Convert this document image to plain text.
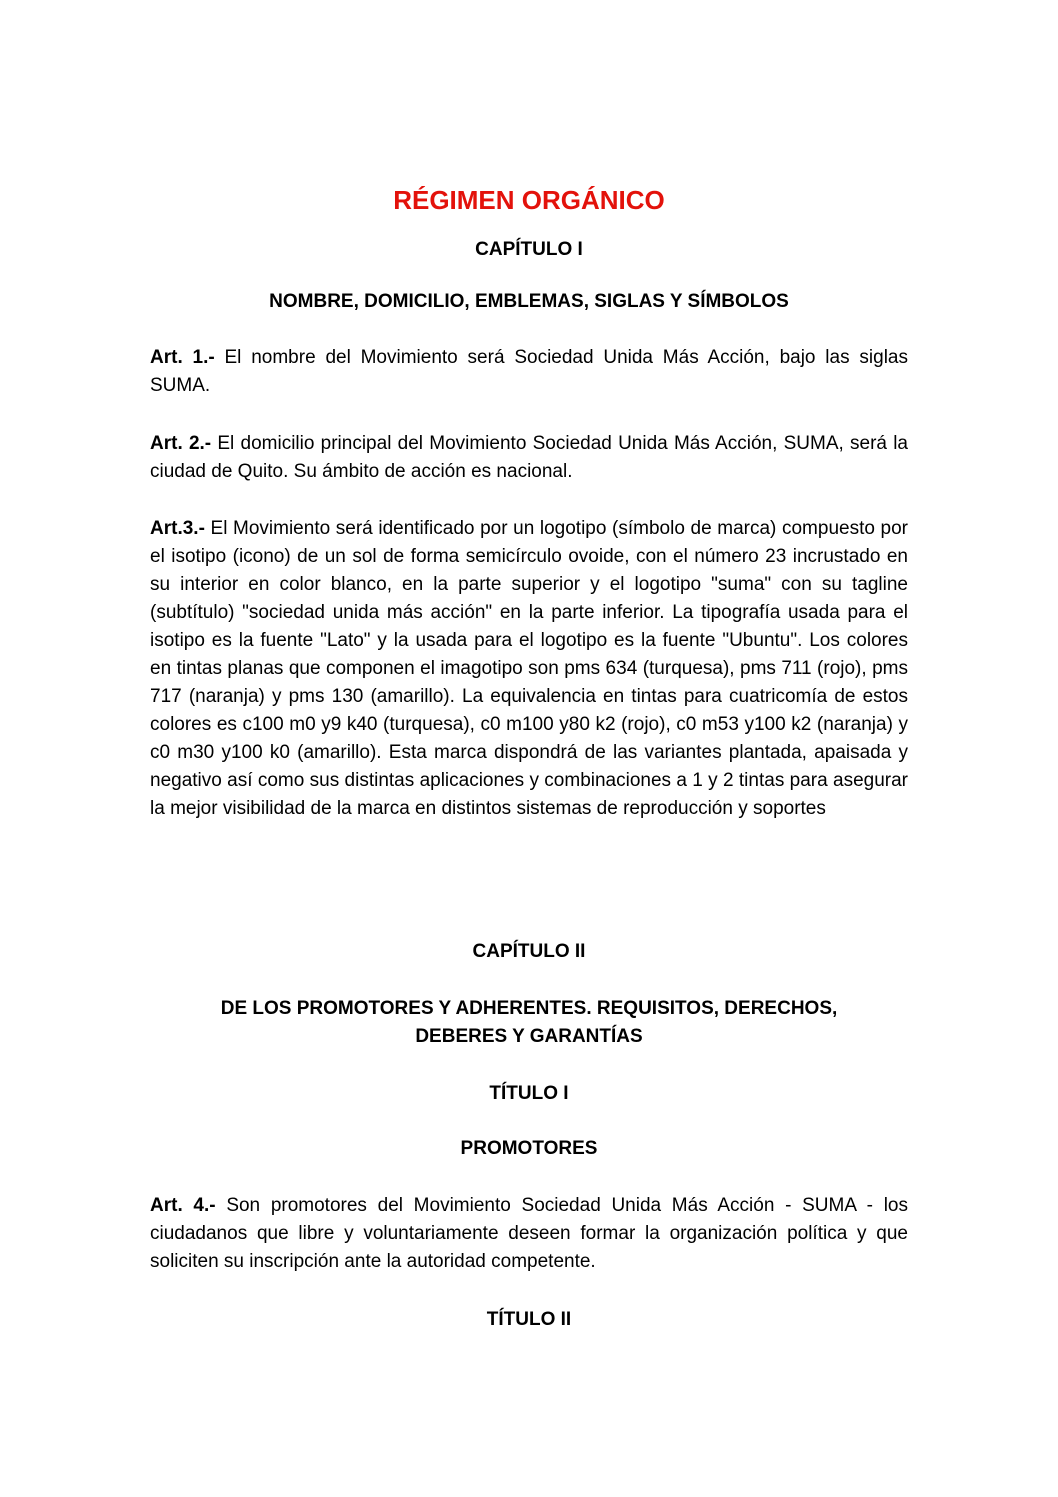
RÉGIMEN ORGÁNICO
CAPÍTULO I
NOMBRE, DOMICILIO, EMBLEMAS, SIGLAS Y SÍMBOLOS

Art. 1.- El nombre del Movimiento será Sociedad Unida Más Acción, bajo las siglas SUMA.

Art. 2.- El domicilio principal del Movimiento Sociedad Unida Más Acción, SUMA, será la ciudad de Quito. Su ámbito de acción es nacional.

Art.3.- El Movimiento será identificado por un logotipo (símbolo de marca) compuesto por el isotipo (icono) de un sol de forma semicírculo ovoide, con el número 23 incrustado en su interior en color blanco, en la parte superior y el logotipo "suma" con su tagline (subtítulo) "sociedad unida más acción" en la parte inferior. La tipografía usada para el isotipo es la fuente "Lato" y la usada para el logotipo es la fuente "Ubuntu". Los colores en tintas planas que componen el imagotipo son pms 634 (turquesa), pms 711 (rojo), pms 717 (naranja) y pms 130 (amarillo). La equivalencia en tintas para cuatricomía de estos colores es c100 m0 y9 k40 (turquesa), c0 m100 y80 k2 (rojo), c0 m53 y100 k2 (naranja) y c0 m30 y100 k0 (amarillo). Esta marca dispondrá de las variantes plantada, apaisada y negativo así como sus distintas aplicaciones y combinaciones a 1 y 2 tintas para asegurar la mejor visibilidad de la marca en distintos sistemas de reproducción y soportes

CAPÍTULO II
DE LOS PROMOTORES Y ADHERENTES. REQUISITOS, DERECHOS,
DEBERES Y GARANTÍAS
TÍTULO I
PROMOTORES

Art. 4.- Son promotores del Movimiento Sociedad Unida Más Acción - SUMA - los ciudadanos que libre y voluntariamente deseen formar la organización política y que soliciten su inscripción ante la autoridad competente.

TÍTULO II
